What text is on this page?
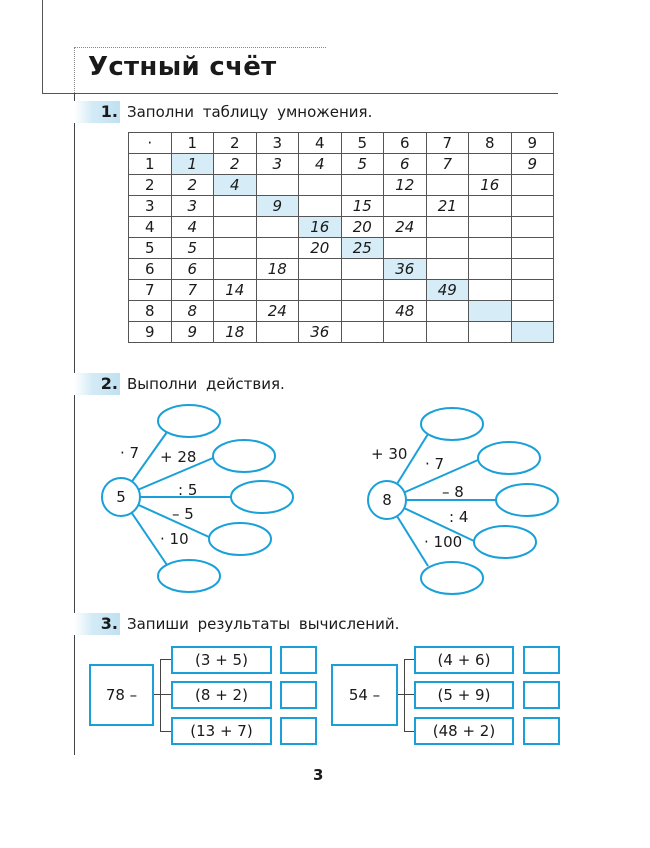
Устный счёт
1. Заполни таблицу умножения.
·	1	2	3	4	5	6	7	8	9
1	1	2	3	4	5	6	7		9
2	2	4				12		16	
3	3		9		15		21		
4	4			16	20	24			
5	5			20	25				
6	6		18			36			
7	7	14					49		
8	8		24			48			
9	9	18		36					
2. Выполни действия.
5
· 7 + 28
: 5
– 5
· 10
8
+ 30
· 7
– 8
: 4
· 100
3. Запиши результаты вычислений.
78 –
(3 + 5)
(8 + 2)
(13 + 7)
54 –
(4 + 6)
(5 + 9)
(48 + 2)
3
